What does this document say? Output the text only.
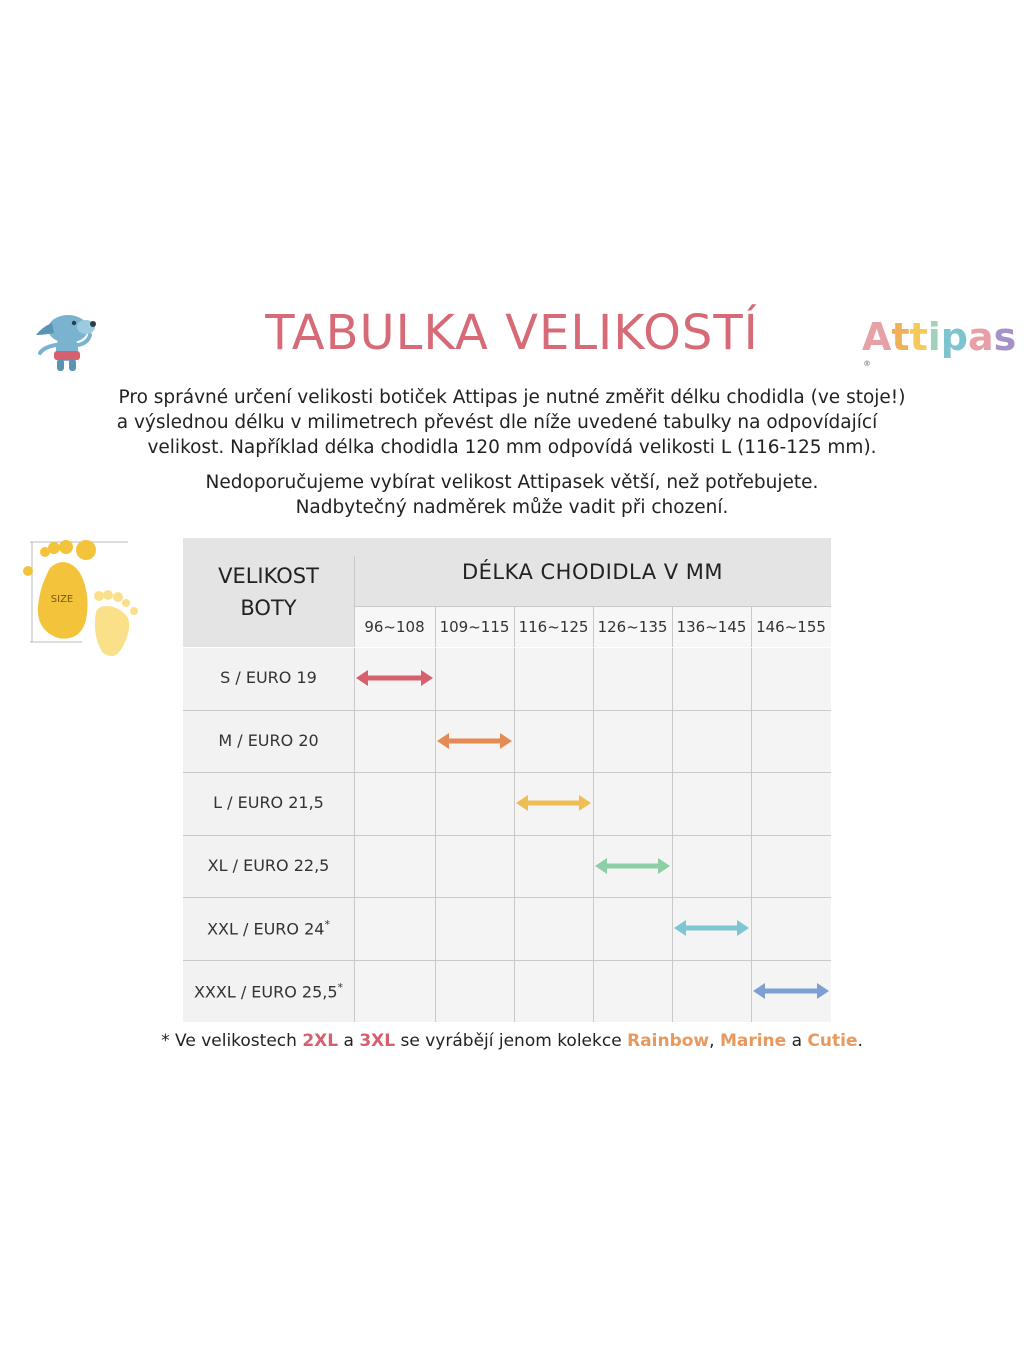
TABULKA VELIKOSTÍ	Attipas®
Pro správné určení velikosti botiček Attipas je nutné změřit délku chodidla (ve stoje!)
a výslednou délku v milimetrech převést dle níže uvedené tabulky na odpovídající
velikost. Například délka chodidla 120 mm odpovídá velikosti L (116-125 mm).
Nedoporučujeme vybírat velikost Attipasek větší, než potřebujete.
Nadbytečný nadměrek může vadit při chození.
SIZE
VELIKOST
BOTY
DÉLKA CHODIDLA V MM
96~108 109~115 116~125 126~135 136~145 146~155
S / EURO 19
M / EURO 20
L / EURO 21,5
XL / EURO 22,5
XXL / EURO 24*
XXXL / EURO 25,5*
* Ve velikostech 2XL a 3XL se vyrábějí jenom kolekce Rainbow, Marine a Cutie.
